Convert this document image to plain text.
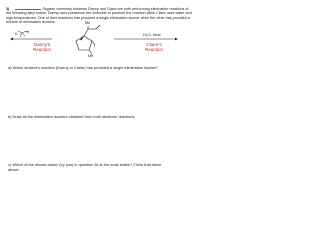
3)	Organic chemistry students Danny and Claire are both performing elimination reactions of the following alkyl iodide. Danny uses potassium tert-butoxide to promote the reaction while Claire uses water and high temperatures. One of their reactions has provided a single elimination isomer while the other has provided a mixture of elimination isomers.
O
Me
I
Me
K	H₂O, heat
Danny's
Reaction
Claire's
Reaction
a) Which student's reaction (Danny or Claire) has provided a single elimination isomer?
b) Draw all the elimination isomers obtained from both students' reactions.
c) Which of the dienes drawn (by you) in question 3b is the most stable? Circle that diene
above.
